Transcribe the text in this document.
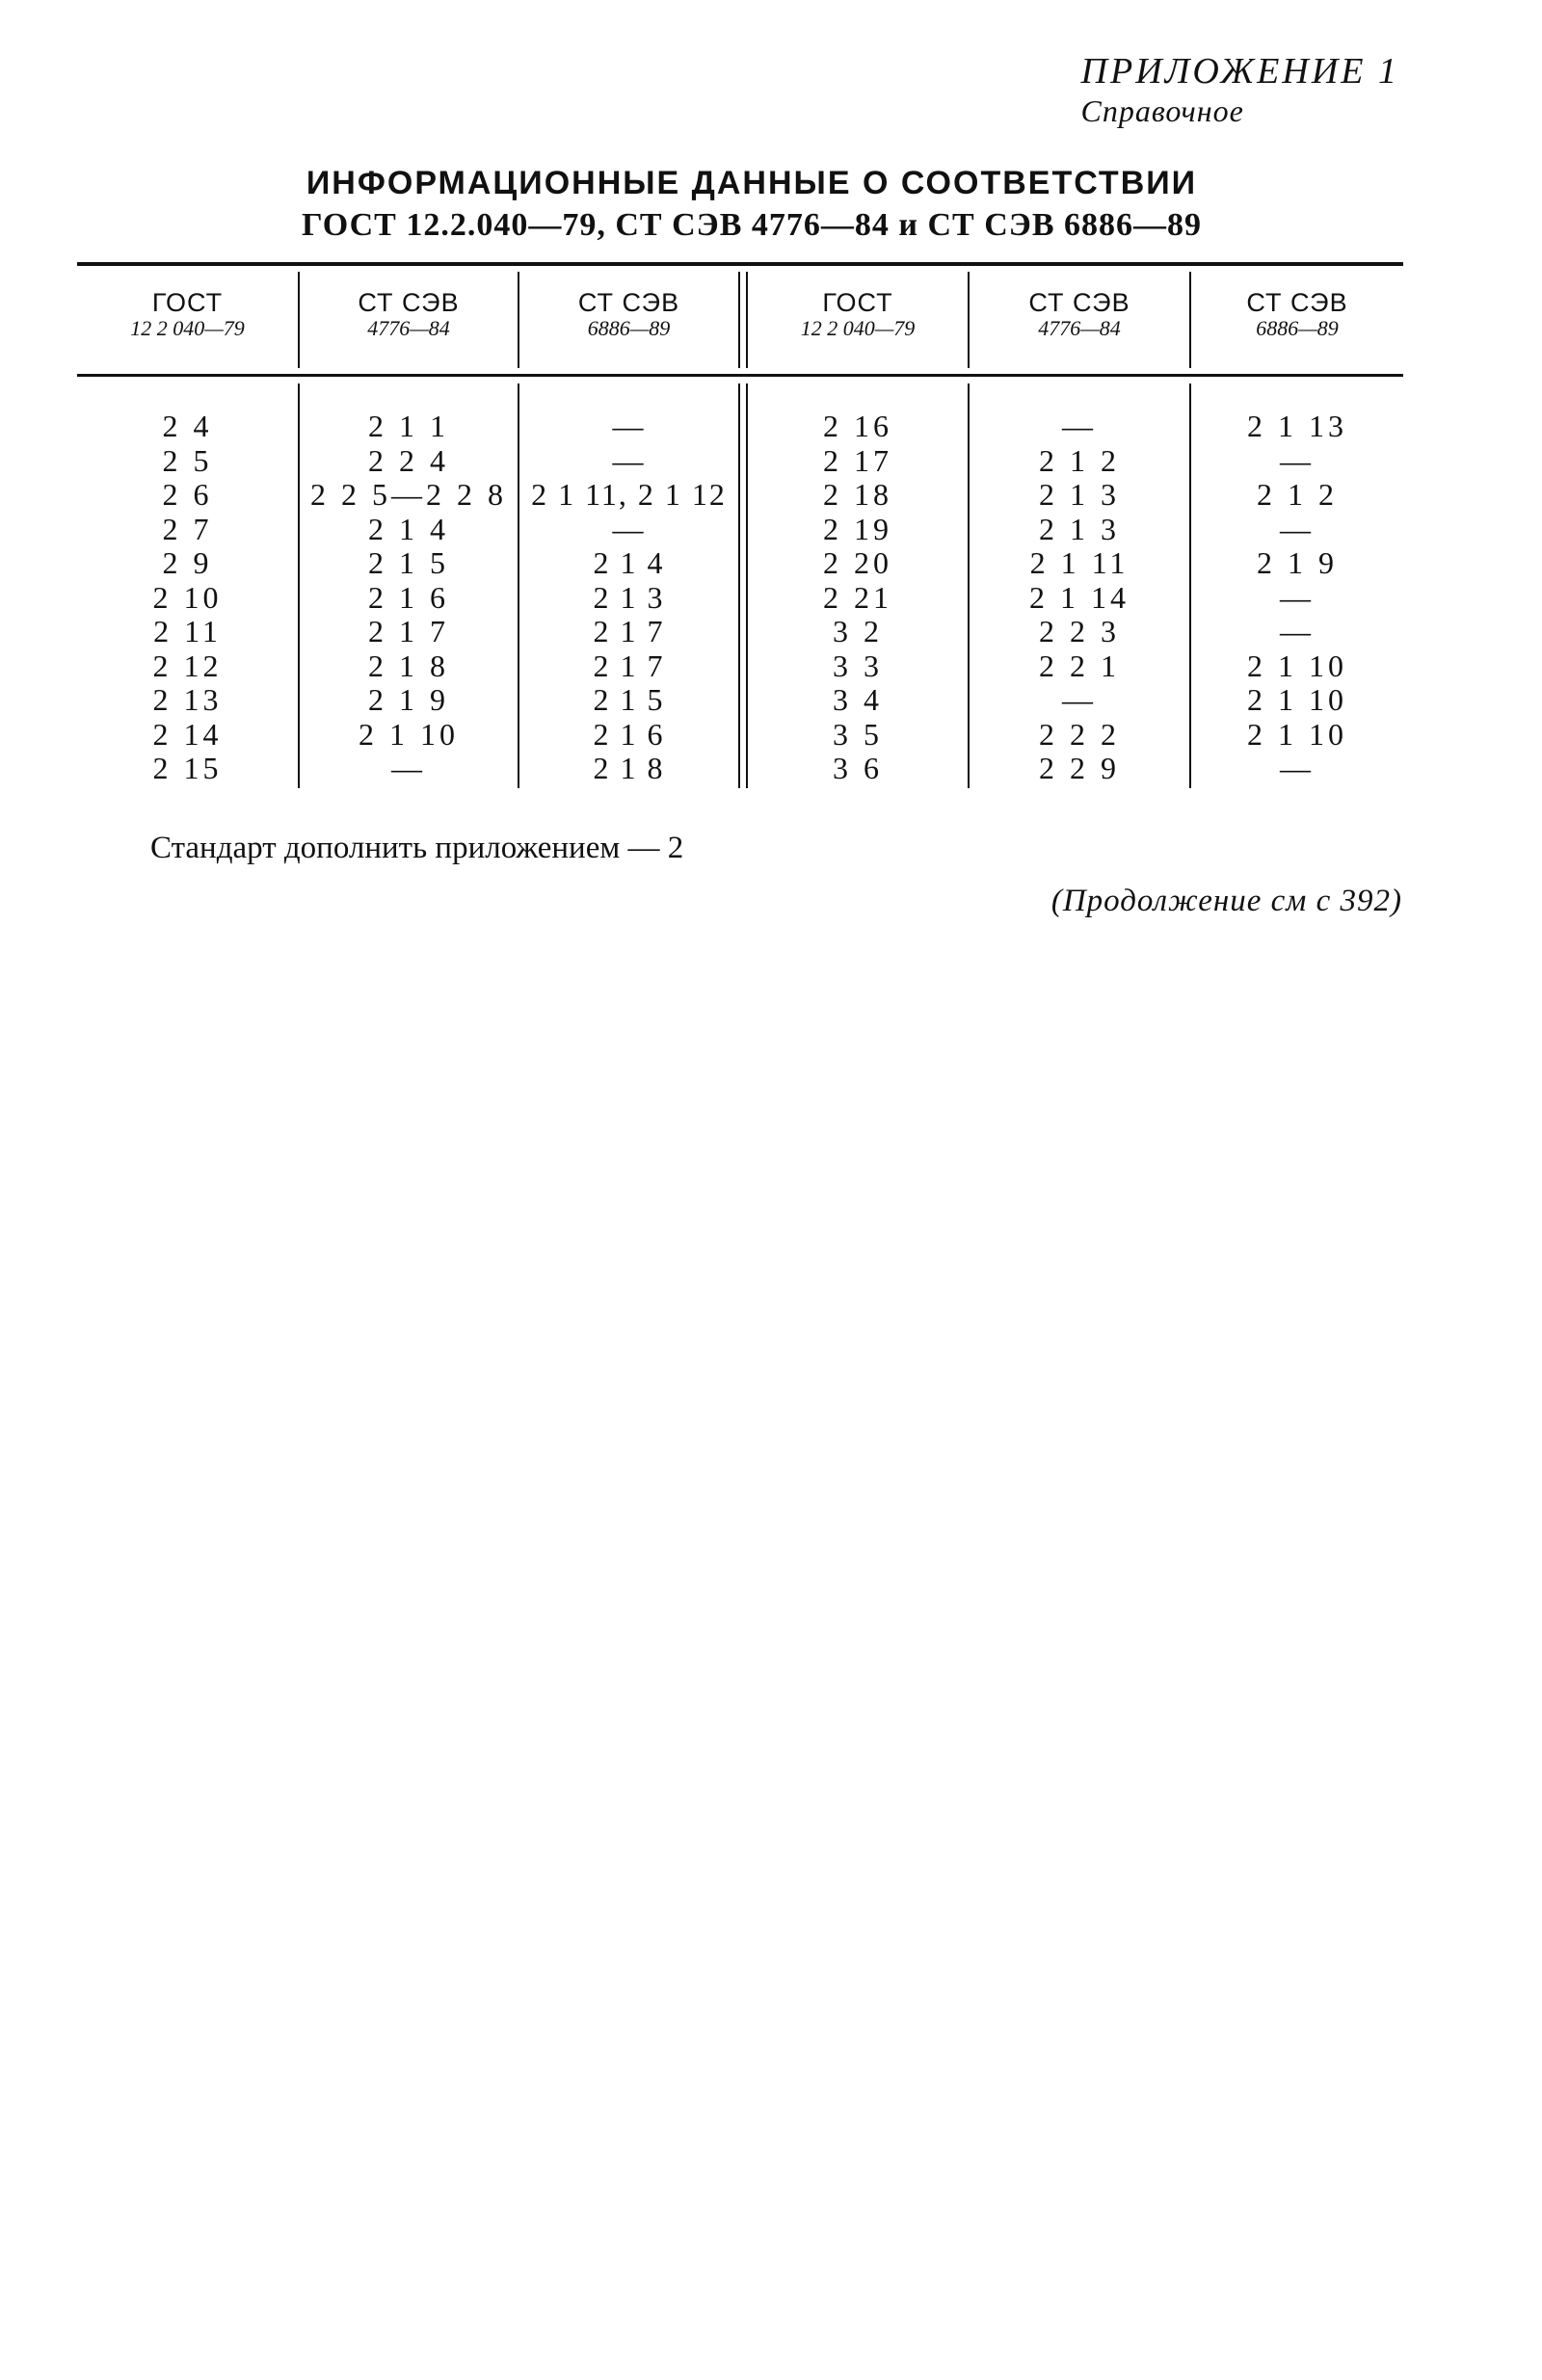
ПРИЛОЖЕНИЕ 1
Справочное
ИНФОРМАЦИОННЫЕ ДАННЫЕ О СООТВЕТСТВИИ
ГОСТ 12.2.040—79, СТ СЭВ 4776—84 и СТ СЭВ 6886—89
ГОСТ
12 2 040—79
СТ СЭВ
4776—84
СТ СЭВ
6886—89
ГОСТ
12 2 040—79
СТ СЭВ
4776—84
СТ СЭВ
6886—89
2 4
2 5
2 6
2 7
2 9
2 10
2 11
2 12
2 13
2 14
2 15
2 1 1
2 2 4
2 2 5—2 2 8
2 1 4
2 1 5
2 1 6
2 1 7
2 1 8
2 1 9
2 1 10
—
—
—
2 1 11, 2 1 12
—
2 1 4
2 1 3
2 1 7
2 1 7
2 1 5
2 1 6
2 1 8
2 16
2 17
2 18
2 19
2 20
2 21
3 2
3 3
3 4
3 5
3 6
—
2 1 2
2 1 3
2 1 3
2 1 11
2 1 14
2 2 3
2 2 1
—
2 2 2
2 2 9
2 1 13
—
2 1 2
—
2 1 9
—
—
2 1 10
2 1 10
2 1 10
—
Стандарт дополнить приложением — 2
(Продолжение см с 392)
